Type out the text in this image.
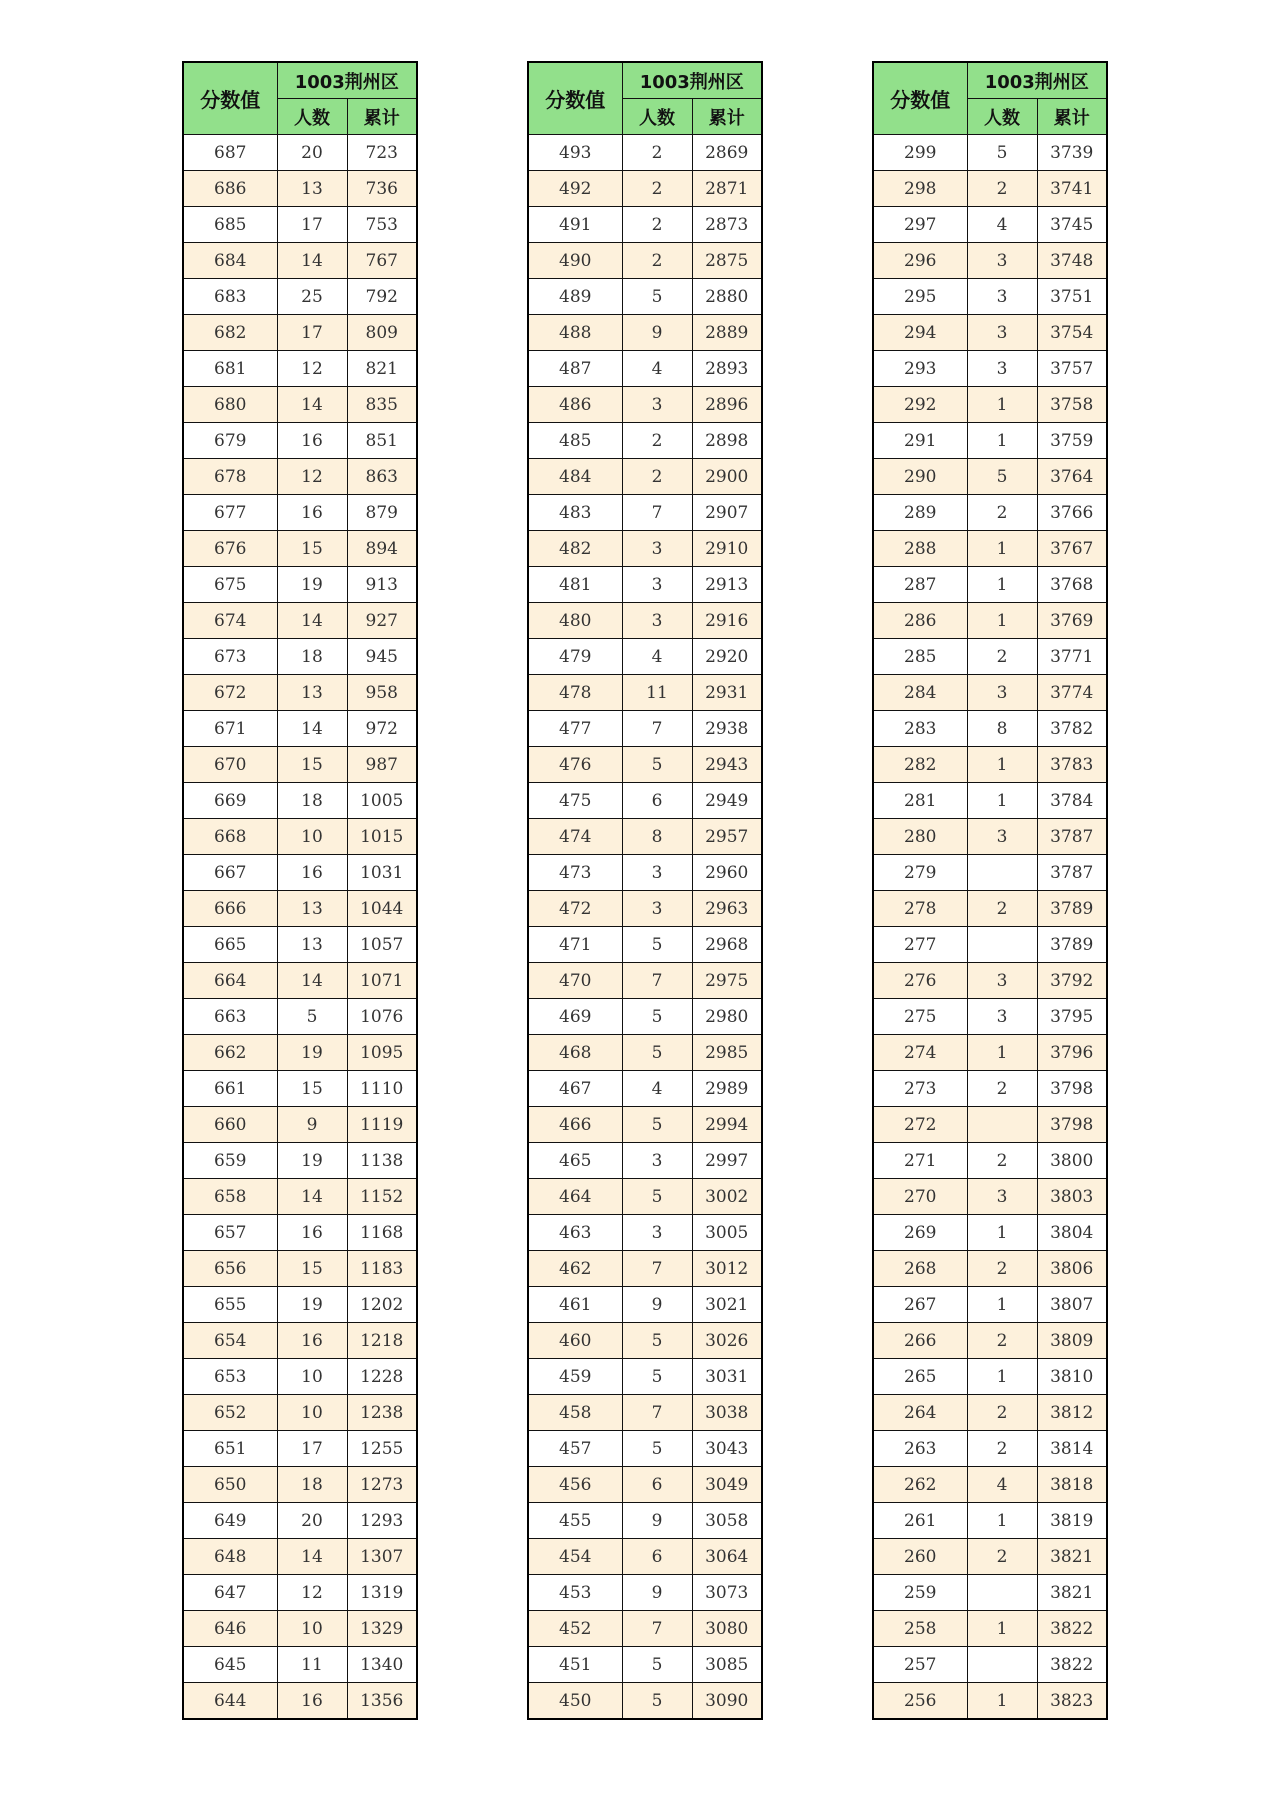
分数值	1003荆州区	
	人数	累计
687	20	723
686	13	736
685	17	753
684	14	767
683	25	792
682	17	809
681	12	821
680	14	835
679	16	851
678	12	863
677	16	879
676	15	894
675	19	913
674	14	927
673	18	945
672	13	958
671	14	972
670	15	987
669	18	1005
668	10	1015
667	16	1031
666	13	1044
665	13	1057
664	14	1071
663	5	1076
662	19	1095
661	15	1110
660	9	1119
659	19	1138
658	14	1152
657	16	1168
656	15	1183
655	19	1202
654	16	1218
653	10	1228
652	10	1238
651	17	1255
650	18	1273
649	20	1293
648	14	1307
647	12	1319
646	10	1329
645	11	1340
644	16	1356
分数值	1003荆州区	
	人数	累计
493	2	2869
492	2	2871
491	2	2873
490	2	2875
489	5	2880
488	9	2889
487	4	2893
486	3	2896
485	2	2898
484	2	2900
483	7	2907
482	3	2910
481	3	2913
480	3	2916
479	4	2920
478	11	2931
477	7	2938
476	5	2943
475	6	2949
474	8	2957
473	3	2960
472	3	2963
471	5	2968
470	7	2975
469	5	2980
468	5	2985
467	4	2989
466	5	2994
465	3	2997
464	5	3002
463	3	3005
462	7	3012
461	9	3021
460	5	3026
459	5	3031
458	7	3038
457	5	3043
456	6	3049
455	9	3058
454	6	3064
453	9	3073
452	7	3080
451	5	3085
450	5	3090
分数值	1003荆州区	
	人数	累计
299	5	3739
298	2	3741
297	4	3745
296	3	3748
295	3	3751
294	3	3754
293	3	3757
292	1	3758
291	1	3759
290	5	3764
289	2	3766
288	1	3767
287	1	3768
286	1	3769
285	2	3771
284	3	3774
283	8	3782
282	1	3783
281	1	3784
280	3	3787
279		3787
278	2	3789
277		3789
276	3	3792
275	3	3795
274	1	3796
273	2	3798
272		3798
271	2	3800
270	3	3803
269	1	3804
268	2	3806
267	1	3807
266	2	3809
265	1	3810
264	2	3812
263	2	3814
262	4	3818
261	1	3819
260	2	3821
259		3821
258	1	3822
257		3822
256	1	3823
